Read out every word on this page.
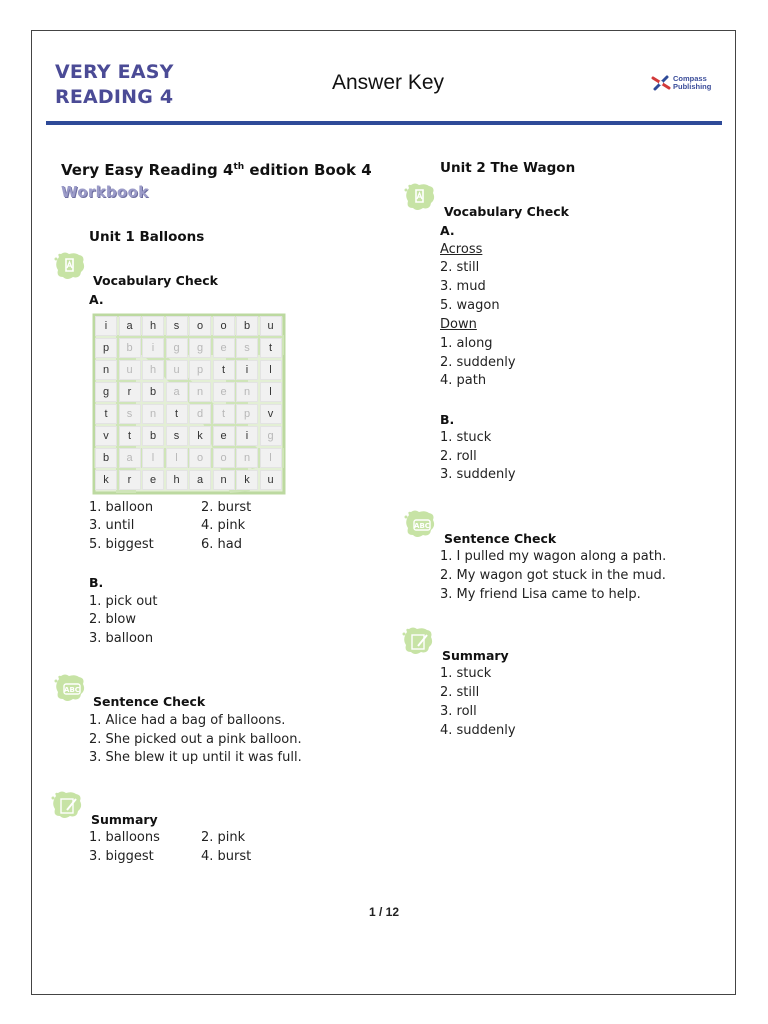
VERY EASY
READING 4
Answer Key	Compass
Publishing
Very Easy Reading 4th edition Book 4
Workbook
Unit 1 Balloons
Vocabulary Check
A.
i	a	h	s	o	o	b	u
p	b	i	g	g	e	s	t
n	u	h	u	p	t	i	l
g	r	b	a	n	e	n	l
t	s	n	t	d	t	p	v
v	t	b	s	k	e	i	g
b	a	l	l	o	o	n	l
k	r	e	h	a	n	k	u
1. balloon	2. burst
3. until	4. pink
5. biggest	6. had
B.
1. pick out
2. blow
3. balloon
ABC
Sentence Check
1. Alice had a bag of balloons.
2. She picked out a pink balloon.
3. She blew it up until it was full.
Summary
1. balloons	2. pink
3. biggest	4. burst
Unit 2 The Wagon
Vocabulary Check
A.
Across
2. still
3. mud
5. wagon
Down
1. along
2. suddenly
4. path
B.
1. stuck
2. roll
3. suddenly
ABC
Sentence Check
1. I pulled my wagon along a path.
2. My wagon got stuck in the mud.
3. My friend Lisa came to help.
Summary
1. stuck
2. still
3. roll
4. suddenly
1 / 12
